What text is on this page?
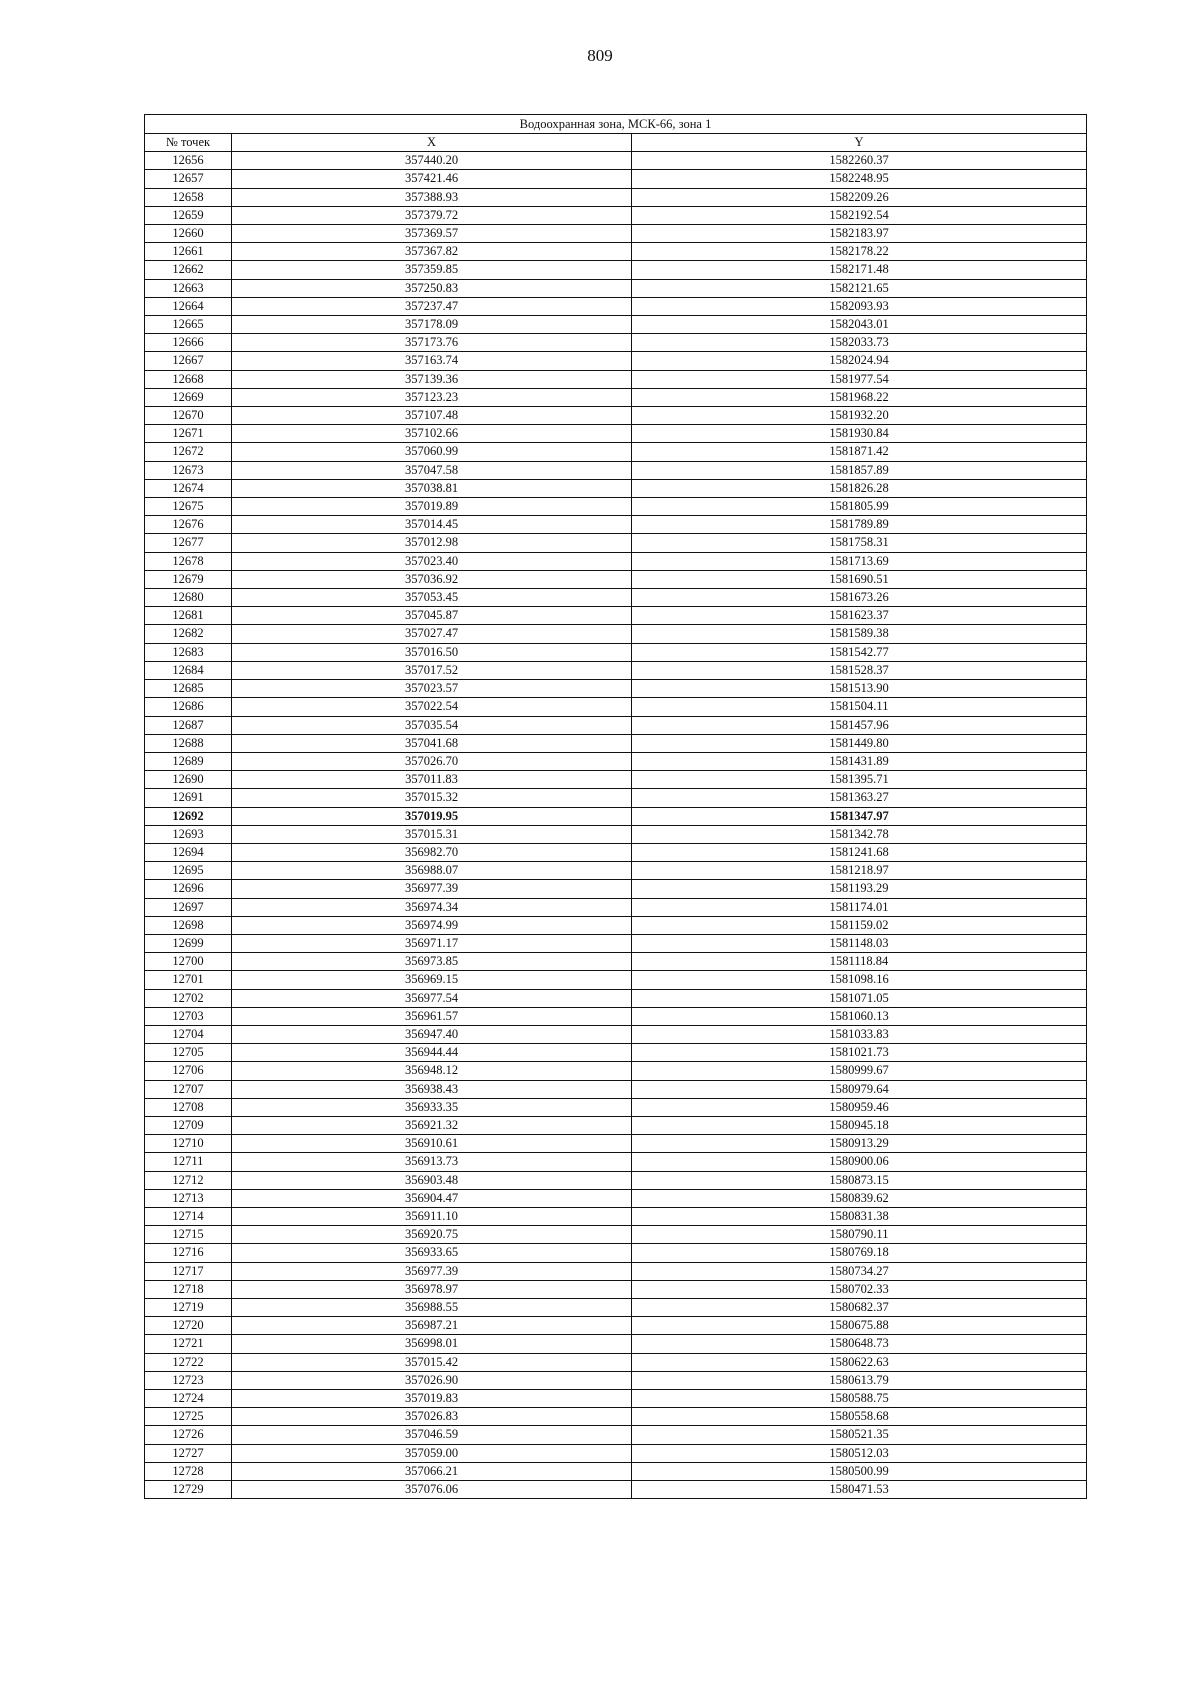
809
Водоохранная зона, МСК-66, зона 1		
№ точек	X	Y
12656	357440.20	1582260.37
12657	357421.46	1582248.95
12658	357388.93	1582209.26
12659	357379.72	1582192.54
12660	357369.57	1582183.97
12661	357367.82	1582178.22
12662	357359.85	1582171.48
12663	357250.83	1582121.65
12664	357237.47	1582093.93
12665	357178.09	1582043.01
12666	357173.76	1582033.73
12667	357163.74	1582024.94
12668	357139.36	1581977.54
12669	357123.23	1581968.22
12670	357107.48	1581932.20
12671	357102.66	1581930.84
12672	357060.99	1581871.42
12673	357047.58	1581857.89
12674	357038.81	1581826.28
12675	357019.89	1581805.99
12676	357014.45	1581789.89
12677	357012.98	1581758.31
12678	357023.40	1581713.69
12679	357036.92	1581690.51
12680	357053.45	1581673.26
12681	357045.87	1581623.37
12682	357027.47	1581589.38
12683	357016.50	1581542.77
12684	357017.52	1581528.37
12685	357023.57	1581513.90
12686	357022.54	1581504.11
12687	357035.54	1581457.96
12688	357041.68	1581449.80
12689	357026.70	1581431.89
12690	357011.83	1581395.71
12691	357015.32	1581363.27
12692	357019.95	1581347.97
12693	357015.31	1581342.78
12694	356982.70	1581241.68
12695	356988.07	1581218.97
12696	356977.39	1581193.29
12697	356974.34	1581174.01
12698	356974.99	1581159.02
12699	356971.17	1581148.03
12700	356973.85	1581118.84
12701	356969.15	1581098.16
12702	356977.54	1581071.05
12703	356961.57	1581060.13
12704	356947.40	1581033.83
12705	356944.44	1581021.73
12706	356948.12	1580999.67
12707	356938.43	1580979.64
12708	356933.35	1580959.46
12709	356921.32	1580945.18
12710	356910.61	1580913.29
12711	356913.73	1580900.06
12712	356903.48	1580873.15
12713	356904.47	1580839.62
12714	356911.10	1580831.38
12715	356920.75	1580790.11
12716	356933.65	1580769.18
12717	356977.39	1580734.27
12718	356978.97	1580702.33
12719	356988.55	1580682.37
12720	356987.21	1580675.88
12721	356998.01	1580648.73
12722	357015.42	1580622.63
12723	357026.90	1580613.79
12724	357019.83	1580588.75
12725	357026.83	1580558.68
12726	357046.59	1580521.35
12727	357059.00	1580512.03
12728	357066.21	1580500.99
12729	357076.06	1580471.53
